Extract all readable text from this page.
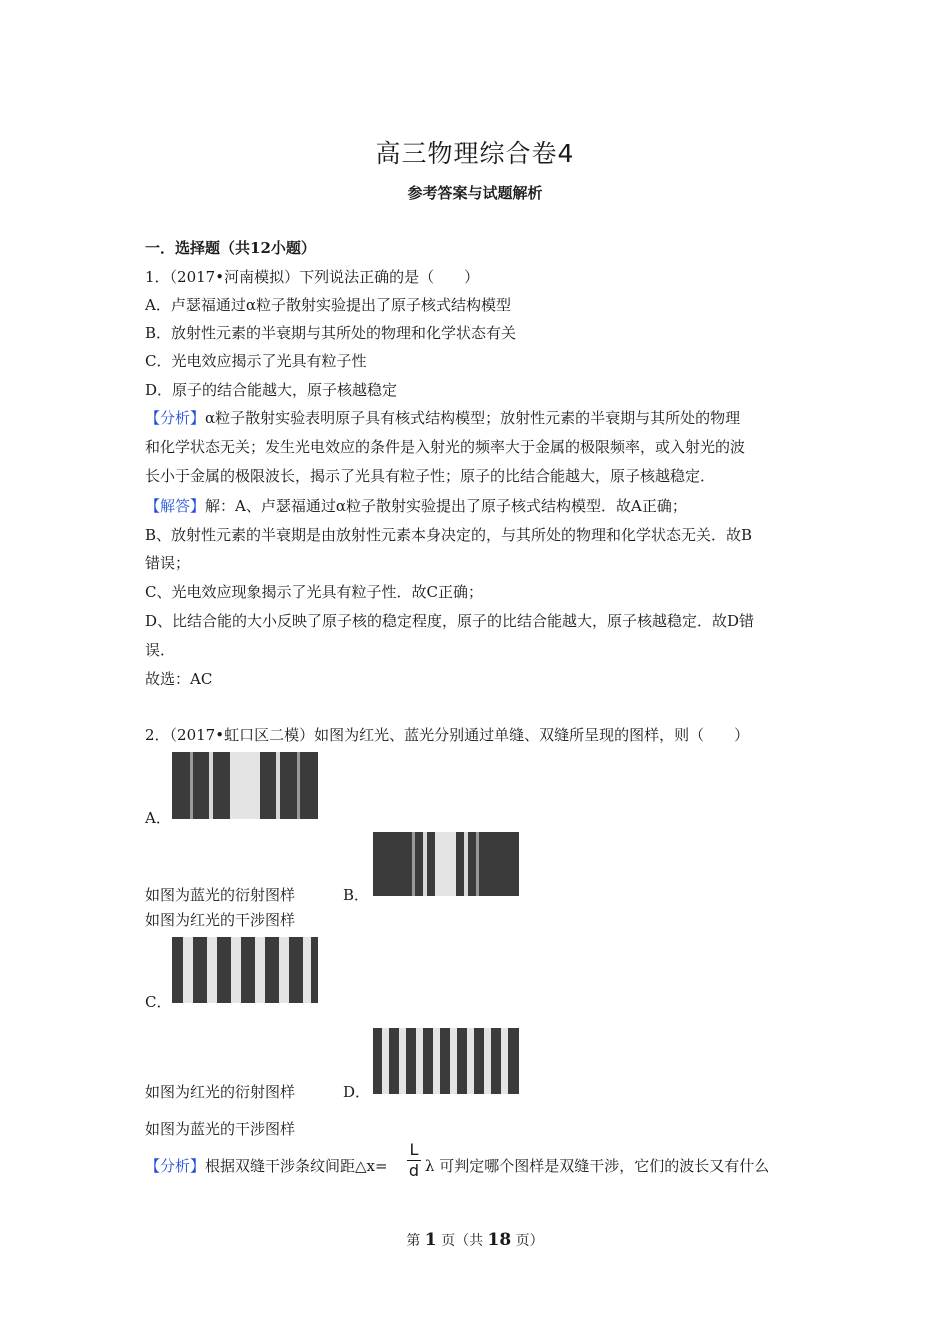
高三物理综合卷4
参考答案与试题解析
一．选择题（共12小题）
1．（2017•河南模拟）下列说法正确的是（　　）
A．卢瑟福通过α粒子散射实验提出了原子核式结构模型
B．放射性元素的半衰期与其所处的物理和化学状态有关
C．光电效应揭示了光具有粒子性
D．原子的结合能越大，原子核越稳定
【分析】α粒子散射实验表明原子具有核式结构模型；放射性元素的半衰期与其所处的物理
和化学状态无关；发生光电效应的条件是入射光的频率大于金属的极限频率，或入射光的波
长小于金属的极限波长，揭示了光具有粒子性；原子的比结合能越大，原子核越稳定．
【解答】解：A、卢瑟福通过α粒子散射实验提出了原子核式结构模型．故A正确；
B、放射性元素的半衰期是由放射性元素本身决定的，与其所处的物理和化学状态无关．故B
错误；
C、光电效应现象揭示了光具有粒子性．故C正确；
D、比结合能的大小反映了原子核的稳定程度，原子的比结合能越大，原子核越稳定．故D错
误．
故选：AC
2．（2017•虹口区二模）如图为红光、蓝光分别通过单缝、双缝所呈现的图样，则（　　）
A．
如图为蓝光的衍射图样	B．
如图为红光的干涉图样
C．
如图为红光的衍射图样	D．
如图为蓝光的干涉图样
【分析】根据双缝干涉条纹间距△x=
L
d λ 可判定哪个图样是双缝干涉，它们的波长又有什么
第 1 页（共 18 页）
